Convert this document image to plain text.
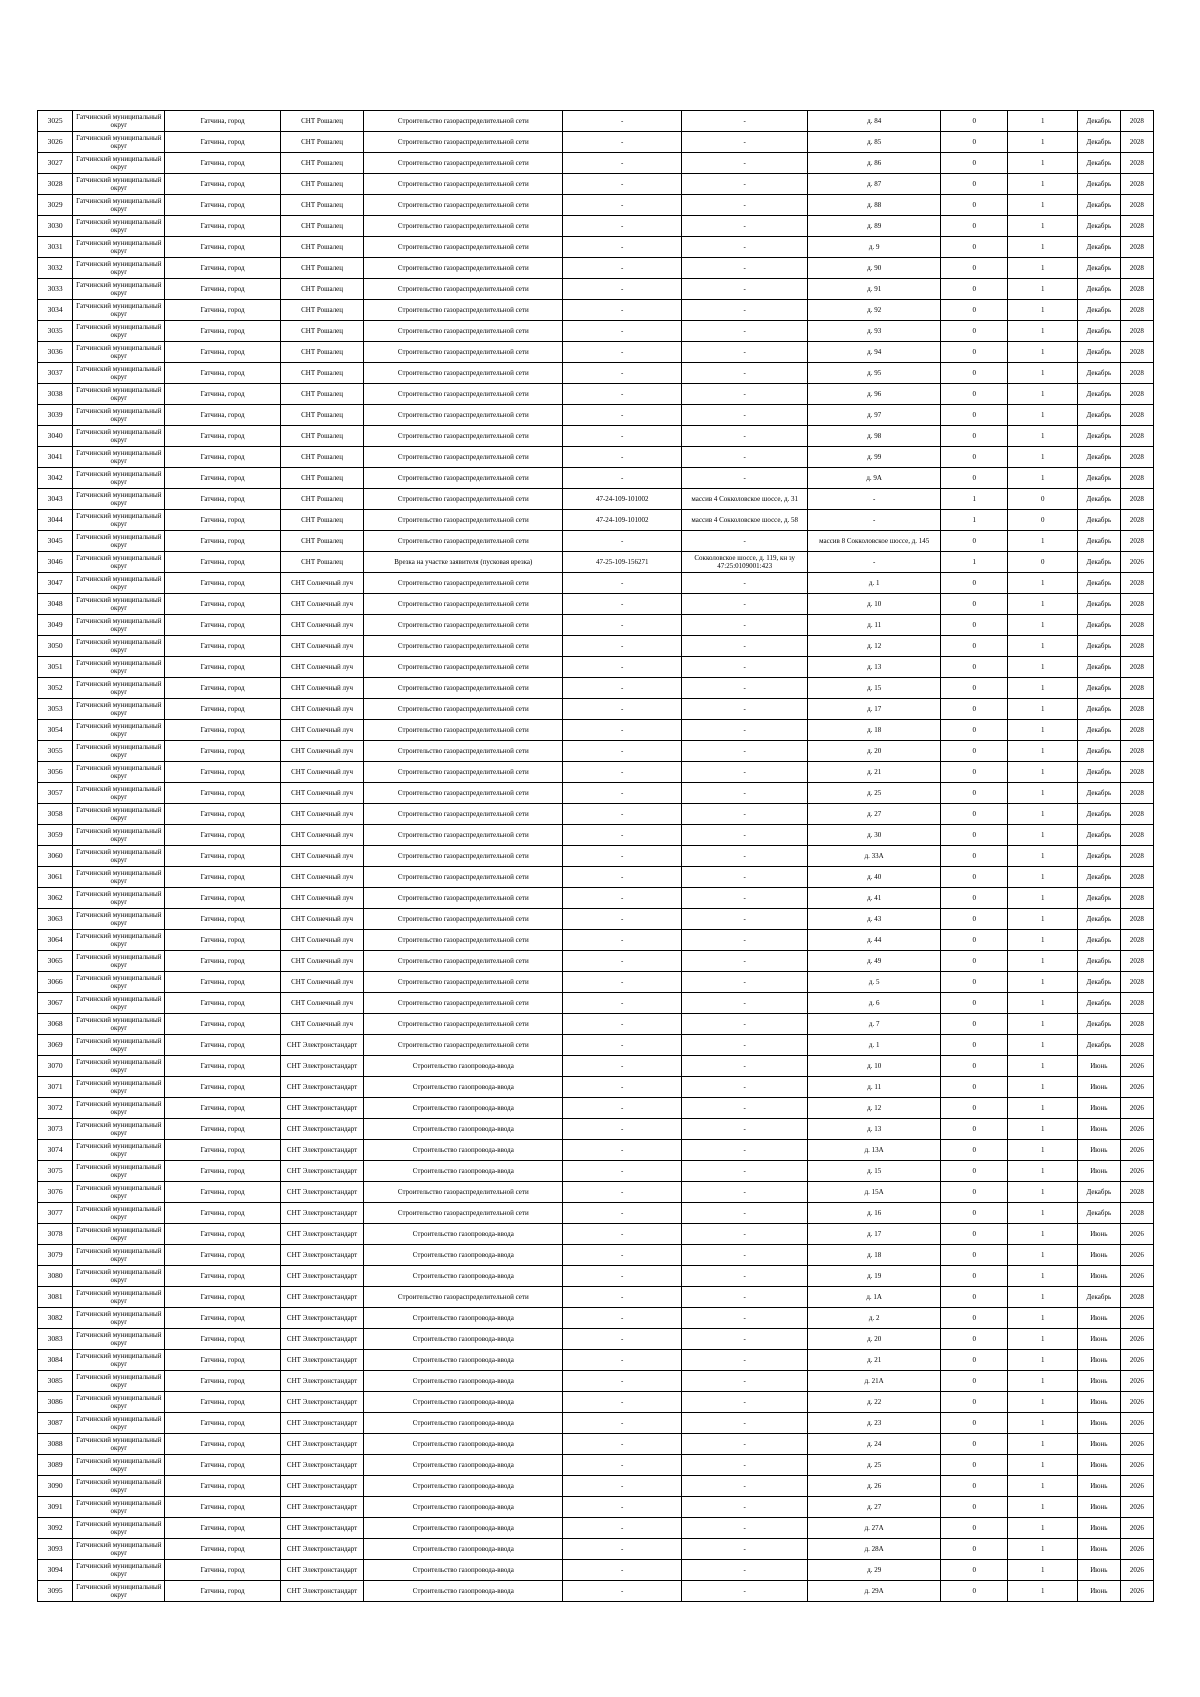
3025	Гатчинский муниципальный округ	Гатчина, город	СНТ Рошалец	Строительство газораспределительной сети	-	-	д. 84	0	1	Декабрь	2028
3026	Гатчинский муниципальный округ	Гатчина, город	СНТ Рошалец	Строительство газораспределительной сети	-	-	д. 85	0	1	Декабрь	2028
3027	Гатчинский муниципальный округ	Гатчина, город	СНТ Рошалец	Строительство газораспределительной сети	-	-	д. 86	0	1	Декабрь	2028
3028	Гатчинский муниципальный округ	Гатчина, город	СНТ Рошалец	Строительство газораспределительной сети	-	-	д. 87	0	1	Декабрь	2028
3029	Гатчинский муниципальный округ	Гатчина, город	СНТ Рошалец	Строительство газораспределительной сети	-	-	д. 88	0	1	Декабрь	2028
3030	Гатчинский муниципальный округ	Гатчина, город	СНТ Рошалец	Строительство газораспределительной сети	-	-	д. 89	0	1	Декабрь	2028
3031	Гатчинский муниципальный округ	Гатчина, город	СНТ Рошалец	Строительство газораспределительной сети	-	-	д. 9	0	1	Декабрь	2028
3032	Гатчинский муниципальный округ	Гатчина, город	СНТ Рошалец	Строительство газораспределительной сети	-	-	д. 90	0	1	Декабрь	2028
3033	Гатчинский муниципальный округ	Гатчина, город	СНТ Рошалец	Строительство газораспределительной сети	-	-	д. 91	0	1	Декабрь	2028
3034	Гатчинский муниципальный округ	Гатчина, город	СНТ Рошалец	Строительство газораспределительной сети	-	-	д. 92	0	1	Декабрь	2028
3035	Гатчинский муниципальный округ	Гатчина, город	СНТ Рошалец	Строительство газораспределительной сети	-	-	д. 93	0	1	Декабрь	2028
3036	Гатчинский муниципальный округ	Гатчина, город	СНТ Рошалец	Строительство газораспределительной сети	-	-	д. 94	0	1	Декабрь	2028
3037	Гатчинский муниципальный округ	Гатчина, город	СНТ Рошалец	Строительство газораспределительной сети	-	-	д. 95	0	1	Декабрь	2028
3038	Гатчинский муниципальный округ	Гатчина, город	СНТ Рошалец	Строительство газораспределительной сети	-	-	д. 96	0	1	Декабрь	2028
3039	Гатчинский муниципальный округ	Гатчина, город	СНТ Рошалец	Строительство газораспределительной сети	-	-	д. 97	0	1	Декабрь	2028
3040	Гатчинский муниципальный округ	Гатчина, город	СНТ Рошалец	Строительство газораспределительной сети	-	-	д. 98	0	1	Декабрь	2028
3041	Гатчинский муниципальный округ	Гатчина, город	СНТ Рошалец	Строительство газораспределительной сети	-	-	д. 99	0	1	Декабрь	2028
3042	Гатчинский муниципальный округ	Гатчина, город	СНТ Рошалец	Строительство газораспределительной сети	-	-	д. 9А	0	1	Декабрь	2028
3043	Гатчинский муниципальный округ	Гатчина, город	СНТ Рошалец	Строительство газораспределительной сети	47-24-109-101002	массив 4 Сокколовское шоссе, д. 31	-	1	0	Декабрь	2028
3044	Гатчинский муниципальный округ	Гатчина, город	СНТ Рошалец	Строительство газораспределительной сети	47-24-109-101002	массив 4 Сокколовское шоссе, д. 58	-	1	0	Декабрь	2028
3045	Гатчинский муниципальный округ	Гатчина, город	СНТ Рошалец	Строительство газораспределительной сети	-	-	массив 8 Сокколовское шоссе, д. 145	0	1	Декабрь	2028
3046	Гатчинский муниципальный округ	Гатчина, город	СНТ Рошалец	Врезка на участке заявителя (пусковая врезка)	47-25-109-156271	Сокколовское шоссе, д. 119, кн зу 47:25:0109001:423	-	1	0	Декабрь	2026
3047	Гатчинский муниципальный округ	Гатчина, город	СНТ Солнечный луч	Строительство газораспределительной сети	-	-	д. 1	0	1	Декабрь	2028
3048	Гатчинский муниципальный округ	Гатчина, город	СНТ Солнечный луч	Строительство газораспределительной сети	-	-	д. 10	0	1	Декабрь	2028
3049	Гатчинский муниципальный округ	Гатчина, город	СНТ Солнечный луч	Строительство газораспределительной сети	-	-	д. 11	0	1	Декабрь	2028
3050	Гатчинский муниципальный округ	Гатчина, город	СНТ Солнечный луч	Строительство газораспределительной сети	-	-	д. 12	0	1	Декабрь	2028
3051	Гатчинский муниципальный округ	Гатчина, город	СНТ Солнечный луч	Строительство газораспределительной сети	-	-	д. 13	0	1	Декабрь	2028
3052	Гатчинский муниципальный округ	Гатчина, город	СНТ Солнечный луч	Строительство газораспределительной сети	-	-	д. 15	0	1	Декабрь	2028
3053	Гатчинский муниципальный округ	Гатчина, город	СНТ Солнечный луч	Строительство газораспределительной сети	-	-	д. 17	0	1	Декабрь	2028
3054	Гатчинский муниципальный округ	Гатчина, город	СНТ Солнечный луч	Строительство газораспределительной сети	-	-	д. 18	0	1	Декабрь	2028
3055	Гатчинский муниципальный округ	Гатчина, город	СНТ Солнечный луч	Строительство газораспределительной сети	-	-	д. 20	0	1	Декабрь	2028
3056	Гатчинский муниципальный округ	Гатчина, город	СНТ Солнечный луч	Строительство газораспределительной сети	-	-	д. 21	0	1	Декабрь	2028
3057	Гатчинский муниципальный округ	Гатчина, город	СНТ Солнечный луч	Строительство газораспределительной сети	-	-	д. 25	0	1	Декабрь	2028
3058	Гатчинский муниципальный округ	Гатчина, город	СНТ Солнечный луч	Строительство газораспределительной сети	-	-	д. 27	0	1	Декабрь	2028
3059	Гатчинский муниципальный округ	Гатчина, город	СНТ Солнечный луч	Строительство газораспределительной сети	-	-	д. 30	0	1	Декабрь	2028
3060	Гатчинский муниципальный округ	Гатчина, город	СНТ Солнечный луч	Строительство газораспределительной сети	-	-	д. 33А	0	1	Декабрь	2028
3061	Гатчинский муниципальный округ	Гатчина, город	СНТ Солнечный луч	Строительство газораспределительной сети	-	-	д. 40	0	1	Декабрь	2028
3062	Гатчинский муниципальный округ	Гатчина, город	СНТ Солнечный луч	Строительство газораспределительной сети	-	-	д. 41	0	1	Декабрь	2028
3063	Гатчинский муниципальный округ	Гатчина, город	СНТ Солнечный луч	Строительство газораспределительной сети	-	-	д. 43	0	1	Декабрь	2028
3064	Гатчинский муниципальный округ	Гатчина, город	СНТ Солнечный луч	Строительство газораспределительной сети	-	-	д. 44	0	1	Декабрь	2028
3065	Гатчинский муниципальный округ	Гатчина, город	СНТ Солнечный луч	Строительство газораспределительной сети	-	-	д. 49	0	1	Декабрь	2028
3066	Гатчинский муниципальный округ	Гатчина, город	СНТ Солнечный луч	Строительство газораспределительной сети	-	-	д. 5	0	1	Декабрь	2028
3067	Гатчинский муниципальный округ	Гатчина, город	СНТ Солнечный луч	Строительство газораспределительной сети	-	-	д. 6	0	1	Декабрь	2028
3068	Гатчинский муниципальный округ	Гатчина, город	СНТ Солнечный луч	Строительство газораспределительной сети	-	-	д. 7	0	1	Декабрь	2028
3069	Гатчинский муниципальный округ	Гатчина, город	СНТ Электронстандарт	Строительство газораспределительной сети	-	-	д. 1	0	1	Декабрь	2028
3070	Гатчинский муниципальный округ	Гатчина, город	СНТ Электронстандарт	Строительство газопровода-ввода	-	-	д. 10	0	1	Июнь	2026
3071	Гатчинский муниципальный округ	Гатчина, город	СНТ Электронстандарт	Строительство газопровода-ввода	-	-	д. 11	0	1	Июнь	2026
3072	Гатчинский муниципальный округ	Гатчина, город	СНТ Электронстандарт	Строительство газопровода-ввода	-	-	д. 12	0	1	Июнь	2026
3073	Гатчинский муниципальный округ	Гатчина, город	СНТ Электронстандарт	Строительство газопровода-ввода	-	-	д. 13	0	1	Июнь	2026
3074	Гатчинский муниципальный округ	Гатчина, город	СНТ Электронстандарт	Строительство газопровода-ввода	-	-	д. 13А	0	1	Июнь	2026
3075	Гатчинский муниципальный округ	Гатчина, город	СНТ Электронстандарт	Строительство газопровода-ввода	-	-	д. 15	0	1	Июнь	2026
3076	Гатчинский муниципальный округ	Гатчина, город	СНТ Электронстандарт	Строительство газораспределительной сети	-	-	д. 15А	0	1	Декабрь	2028
3077	Гатчинский муниципальный округ	Гатчина, город	СНТ Электронстандарт	Строительство газораспределительной сети	-	-	д. 16	0	1	Декабрь	2028
3078	Гатчинский муниципальный округ	Гатчина, город	СНТ Электронстандарт	Строительство газопровода-ввода	-	-	д. 17	0	1	Июнь	2026
3079	Гатчинский муниципальный округ	Гатчина, город	СНТ Электронстандарт	Строительство газопровода-ввода	-	-	д. 18	0	1	Июнь	2026
3080	Гатчинский муниципальный округ	Гатчина, город	СНТ Электронстандарт	Строительство газопровода-ввода	-	-	д. 19	0	1	Июнь	2026
3081	Гатчинский муниципальный округ	Гатчина, город	СНТ Электронстандарт	Строительство газораспределительной сети	-	-	д. 1А	0	1	Декабрь	2028
3082	Гатчинский муниципальный округ	Гатчина, город	СНТ Электронстандарт	Строительство газопровода-ввода	-	-	д. 2	0	1	Июнь	2026
3083	Гатчинский муниципальный округ	Гатчина, город	СНТ Электронстандарт	Строительство газопровода-ввода	-	-	д. 20	0	1	Июнь	2026
3084	Гатчинский муниципальный округ	Гатчина, город	СНТ Электронстандарт	Строительство газопровода-ввода	-	-	д. 21	0	1	Июнь	2026
3085	Гатчинский муниципальный округ	Гатчина, город	СНТ Электронстандарт	Строительство газопровода-ввода	-	-	д. 21А	0	1	Июнь	2026
3086	Гатчинский муниципальный округ	Гатчина, город	СНТ Электронстандарт	Строительство газопровода-ввода	-	-	д. 22	0	1	Июнь	2026
3087	Гатчинский муниципальный округ	Гатчина, город	СНТ Электронстандарт	Строительство газопровода-ввода	-	-	д. 23	0	1	Июнь	2026
3088	Гатчинский муниципальный округ	Гатчина, город	СНТ Электронстандарт	Строительство газопровода-ввода	-	-	д. 24	0	1	Июнь	2026
3089	Гатчинский муниципальный округ	Гатчина, город	СНТ Электронстандарт	Строительство газопровода-ввода	-	-	д. 25	0	1	Июнь	2026
3090	Гатчинский муниципальный округ	Гатчина, город	СНТ Электронстандарт	Строительство газопровода-ввода	-	-	д. 26	0	1	Июнь	2026
3091	Гатчинский муниципальный округ	Гатчина, город	СНТ Электронстандарт	Строительство газопровода-ввода	-	-	д. 27	0	1	Июнь	2026
3092	Гатчинский муниципальный округ	Гатчина, город	СНТ Электронстандарт	Строительство газопровода-ввода	-	-	д. 27А	0	1	Июнь	2026
3093	Гатчинский муниципальный округ	Гатчина, город	СНТ Электронстандарт	Строительство газопровода-ввода	-	-	д. 28А	0	1	Июнь	2026
3094	Гатчинский муниципальный округ	Гатчина, город	СНТ Электронстандарт	Строительство газопровода-ввода	-	-	д. 29	0	1	Июнь	2026
3095	Гатчинский муниципальный округ	Гатчина, город	СНТ Электронстандарт	Строительство газопровода-ввода	-	-	д. 29А	0	1	Июнь	2026
